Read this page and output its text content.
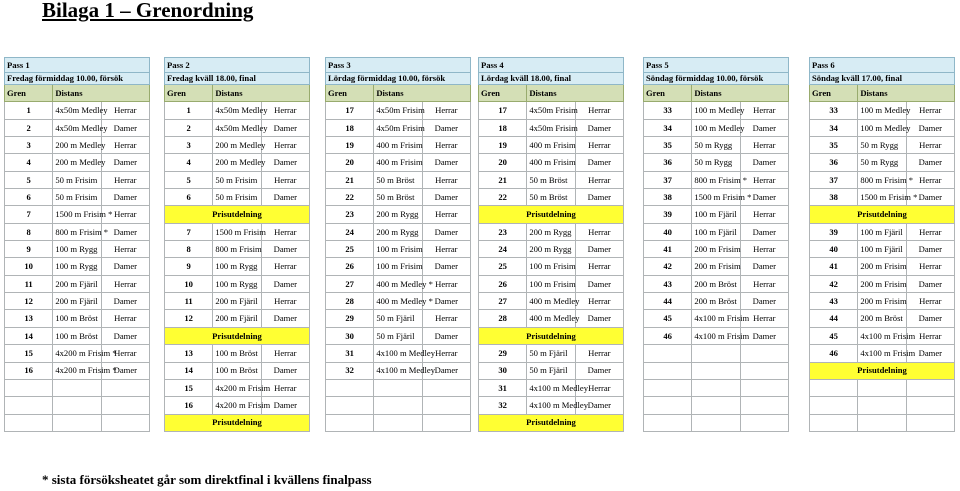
Bilaga 1 – Grenordning
Pass 1		
Fredag förmiddag 10.00, försök		
Gren	Distans	
1	4x50m Medley	Herrar
2	4x50m Medley	Damer
3	200 m Medley	Herrar
4	200 m Medley	Damer
5	50 m Frisim	Herrar
6	50 m Frisim	Damer
7	1500 m Frisim *	Herrar
8	800 m Frisim *	Damer
9	100 m Rygg	Herrar
10	100 m Rygg	Damer
11	200 m Fjäril	Herrar
12	200 m Fjäril	Damer
13	100 m Bröst	Herrar
14	100 m Bröst	Damer
15	4x200 m Frisim *	Herrar
16	4x200 m Frisim *	Damer

Pass 2		
Fredag kväll 18.00, final		
Gren	Distans	
1	4x50m Medley	Herrar
2	4x50m Medley	Damer
3	200 m Medley	Herrar
4	200 m Medley	Damer
5	50 m Frisim	Herrar
6	50 m Frisim	Damer
Prisutdelning		
7	1500 m Frisim	Herrar
8	800 m Frisim	Damer
9	100 m Rygg	Herrar
10	100 m Rygg	Damer
11	200 m Fjäril	Herrar
12	200 m Fjäril	Damer
Prisutdelning		
13	100 m Bröst	Herrar
14	100 m Bröst	Damer
15	4x200 m Frisim	Herrar
16	4x200 m Frisim	Damer
Prisutdelning		
Pass 3		
Lördag förmiddag 10.00, försök		
Gren	Distans	
17	4x50m Frisim	Herrar
18	4x50m Frisim	Damer
19	400 m Frisim	Herrar
20	400 m Frisim	Damer
21	50 m Bröst	Herrar
22	50 m Bröst	Damer
23	200 m Rygg	Herrar
24	200 m Rygg	Damer
25	100 m Frisim	Herrar
26	100 m Frisim	Damer
27	400 m Medley *	Herrar
28	400 m Medley *	Damer
29	50 m Fjäril	Herrar
30	50 m Fjäril	Damer
31	4x100 m Medley	Herrar
32	4x100 m Medley	Damer

Pass 4		
Lördag kväll 18.00, final		
Gren	Distans	
17	4x50m Frisim	Herrar
18	4x50m Frisim	Damer
19	400 m Frisim	Herrar
20	400 m Frisim	Damer
21	50 m Bröst	Herrar
22	50 m Bröst	Damer
Prisutdelning		
23	200 m Rygg	Herrar
24	200 m Rygg	Damer
25	100 m Frisim	Herrar
26	100 m Frisim	Damer
27	400 m Medley	Herrar
28	400 m Medley	Damer
Prisutdelning		
29	50 m Fjäril	Herrar
30	50 m Fjäril	Damer
31	4x100 m Medley	Herrar
32	4x100 m Medley	Damer
Prisutdelning		
Pass 5		
Söndag förmiddag 10.00, försök		
Gren	Distans	
33	100 m Medley	Herrar
34	100 m Medley	Damer
35	50 m Rygg	Herrar
36	50 m Rygg	Damer
37	800 m Frisim *	Herrar
38	1500 m Frisim *	Damer
39	100 m Fjäril	Herrar
40	100 m Fjäril	Damer
41	200 m Frisim	Herrar
42	200 m Frisim	Damer
43	200 m Bröst	Herrar
44	200 m Bröst	Damer
45	4x100 m Frisim	Herrar
46	4x100 m Frisim	Damer

Pass 6		
Söndag kväll 17.00, final		
Gren	Distans	
33	100 m Medley	Herrar
34	100 m Medley	Damer
35	50 m Rygg	Herrar
36	50 m Rygg	Damer
37	800 m Frisim *	Herrar
38	1500 m Frisim *	Damer
Prisutdelning		
39	100 m Fjäril	Herrar
40	100 m Fjäril	Damer
41	200 m Frisim	Herrar
42	200 m Frisim	Damer
43	200 m Frisim	Herrar
44	200 m Bröst	Damer
45	4x100 m Frisim	Herrar
46	4x100 m Frisim	Damer
Prisutdelning		

* sista försöksheatet går som direktfinal i kvällens finalpass
